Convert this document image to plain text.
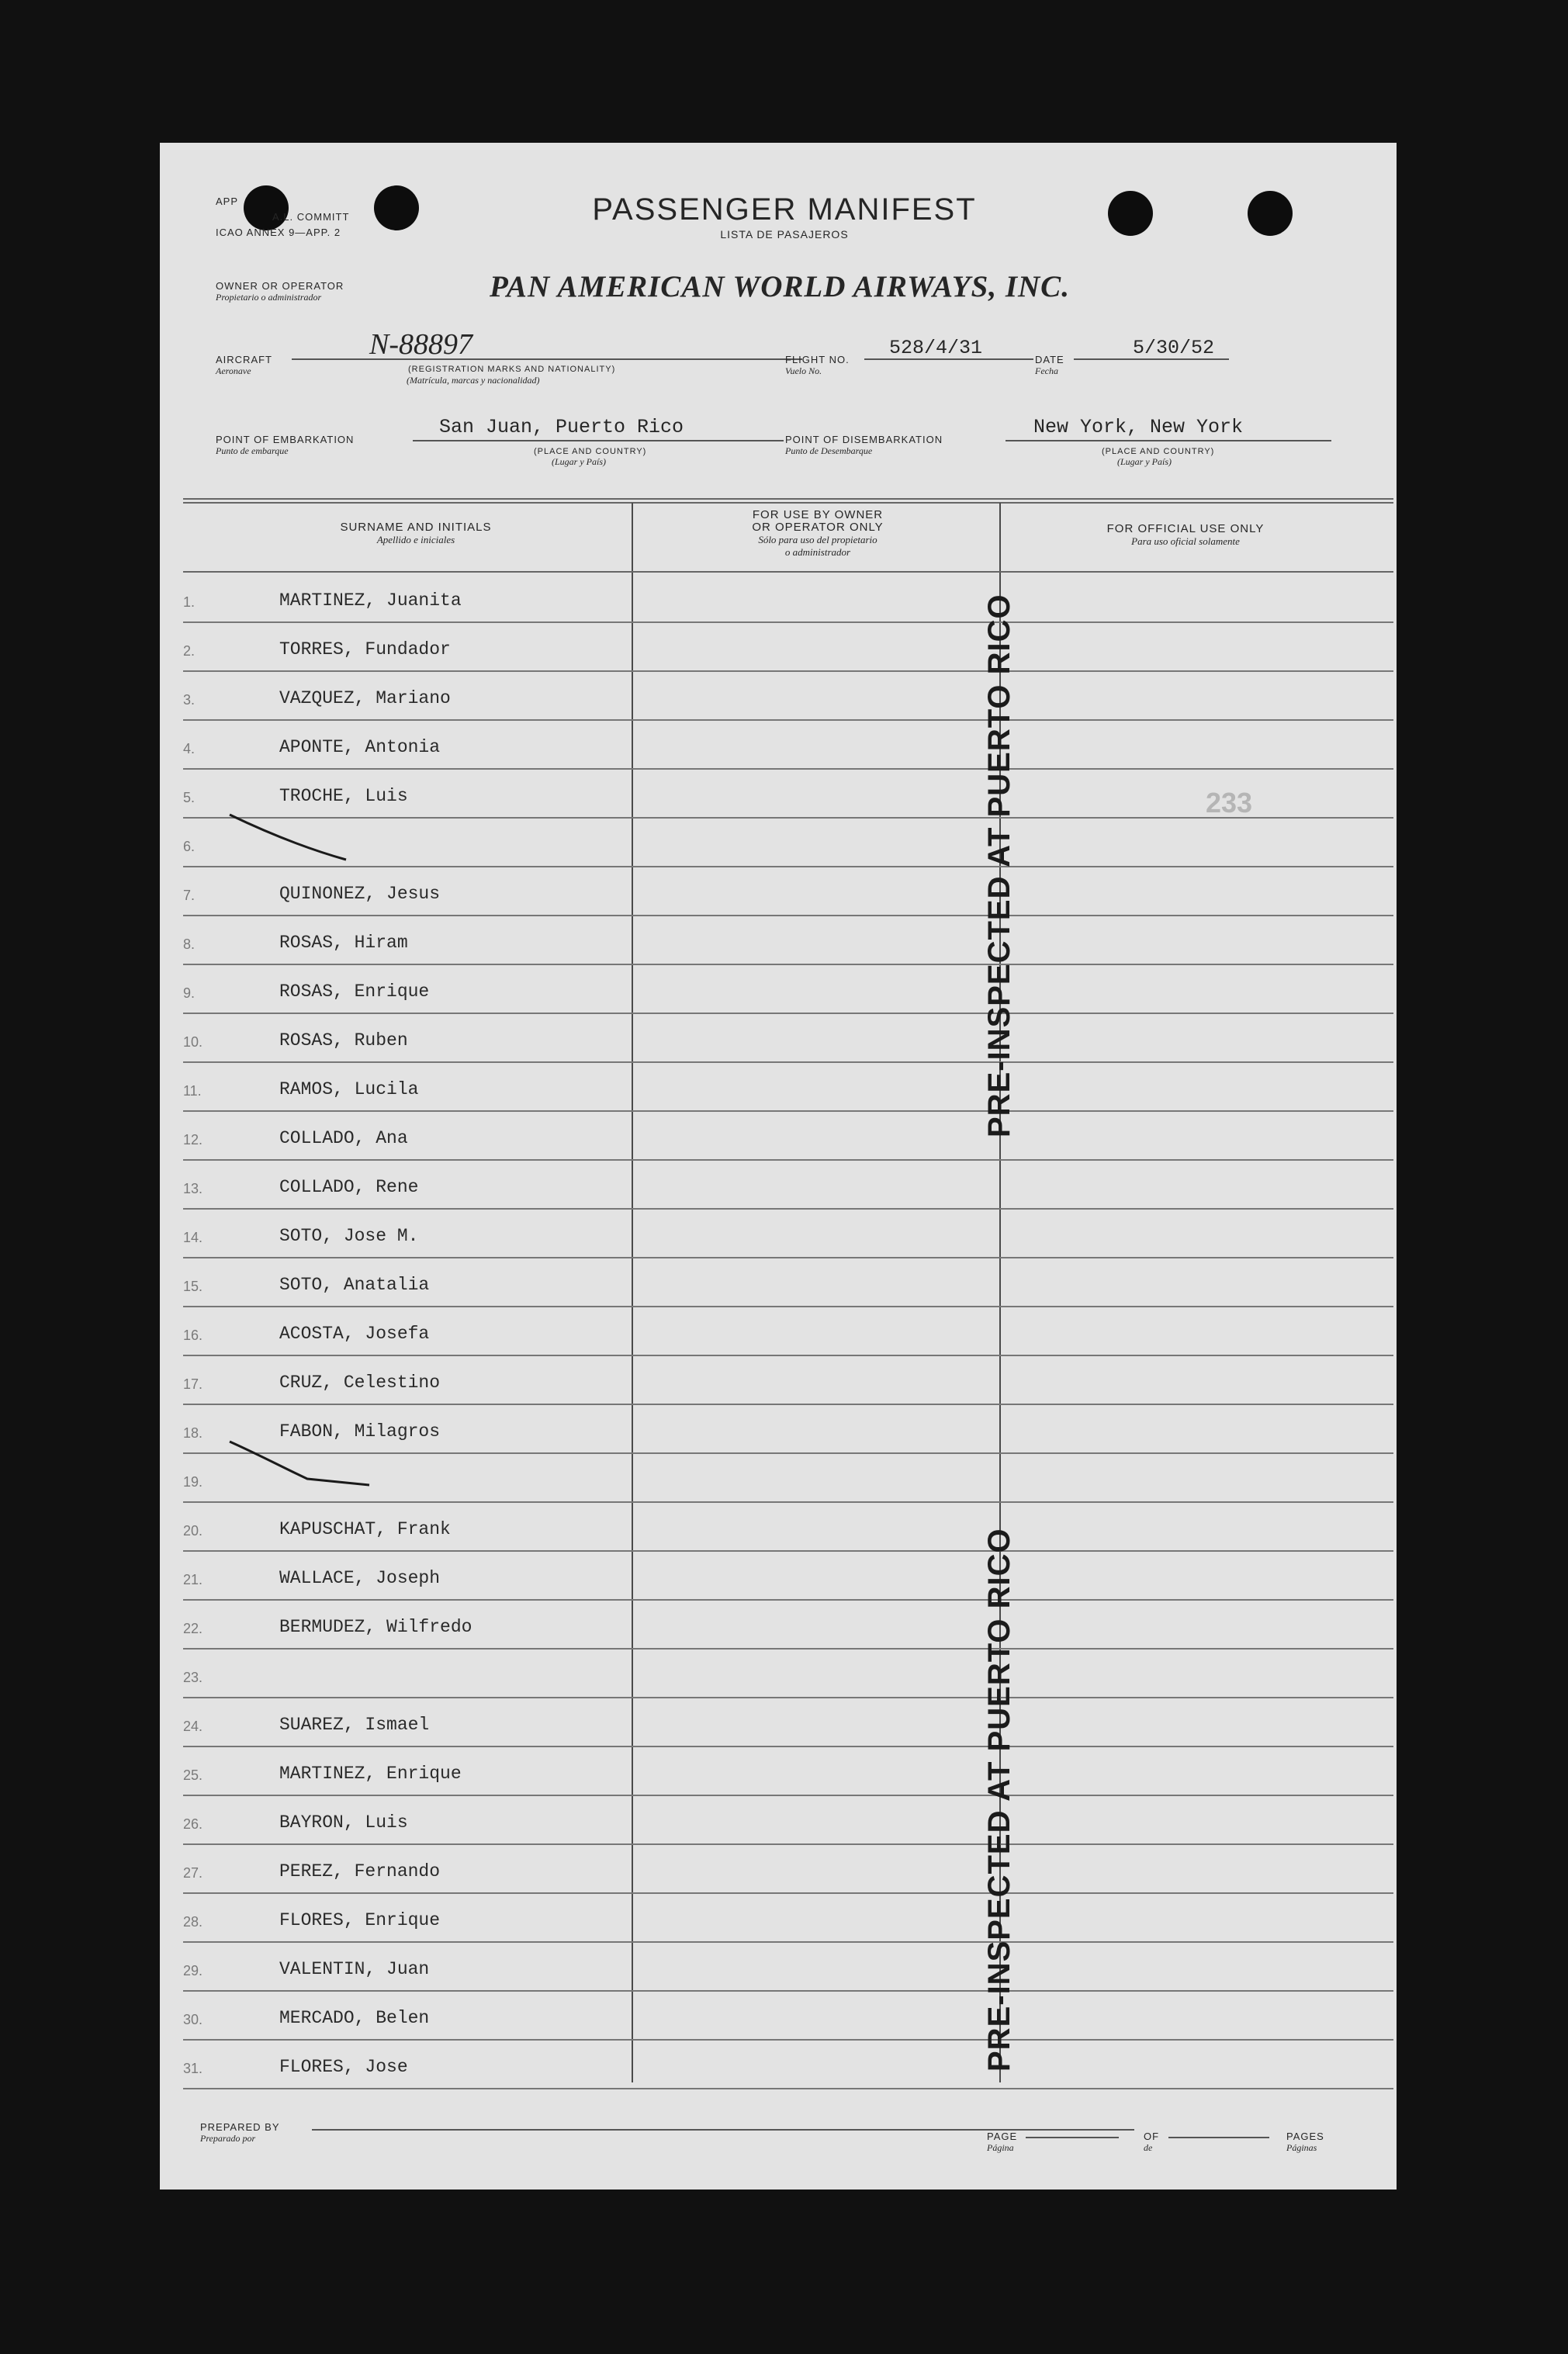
APP
A.L. COMMITT
ICAO ANNEX 9—APP. 2
PASSENGER MANIFEST
LISTA DE PASAJEROS
OWNER OR OPERATOR
Propietario o administrador	PAN AMERICAN WORLD AIRWAYS, INC.
AIRCRAFT
Aeronave
N-88897
(REGISTRATION MARKS AND NATIONALITY)
(Matrícula, marcas y nacionalidad)
FLIGHT NO.
Vuelo No.
528/4/31
DATE
Fecha
5/30/52
POINT OF EMBARKATION
Punto de embarque
San Juan, Puerto Rico
(PLACE AND COUNTRY)
(Lugar y País)
POINT OF DISEMBARKATION
Punto de Desembarque
New York, New York
(PLACE AND COUNTRY)
(Lugar y País)
SURNAME AND INITIALS
Apellido e iniciales
FOR USE BY OWNER
OR OPERATOR ONLY
Sólo para uso del propietario
o administrador
FOR OFFICIAL USE ONLY
Para uso oficial solamente
1.	MARTINEZ, Juanita
2.	TORRES, Fundador
3.	VAZQUEZ, Mariano
4.	APONTE, Antonia
5.	TROCHE, Luis
6.
7.	QUINONEZ, Jesus
8.	ROSAS, Hiram
9.	ROSAS, Enrique
10.	ROSAS, Ruben
11.	RAMOS, Lucila
12.	COLLADO, Ana
13.	COLLADO, Rene
14.	SOTO, Jose M.
15.	SOTO, Anatalia
16.	ACOSTA, Josefa
17.	CRUZ, Celestino
18.	FABON, Milagros
19.
20.	KAPUSCHAT, Frank
21.	WALLACE, Joseph
22.	BERMUDEZ, Wilfredo
23.
24.	SUAREZ, Ismael
25.	MARTINEZ, Enrique
26.	BAYRON, Luis
27.	PEREZ, Fernando
28.	FLORES, Enrique
29.	VALENTIN, Juan
30.	MERCADO, Belen
31.	FLORES, Jose
PRE-INSPECTED AT PUERTO RICO
PRE-INSPECTED AT PUERTO RICO
233
PREPARED BY
Preparado por	PAGE
Página
OF
de
PAGES
Páginas
